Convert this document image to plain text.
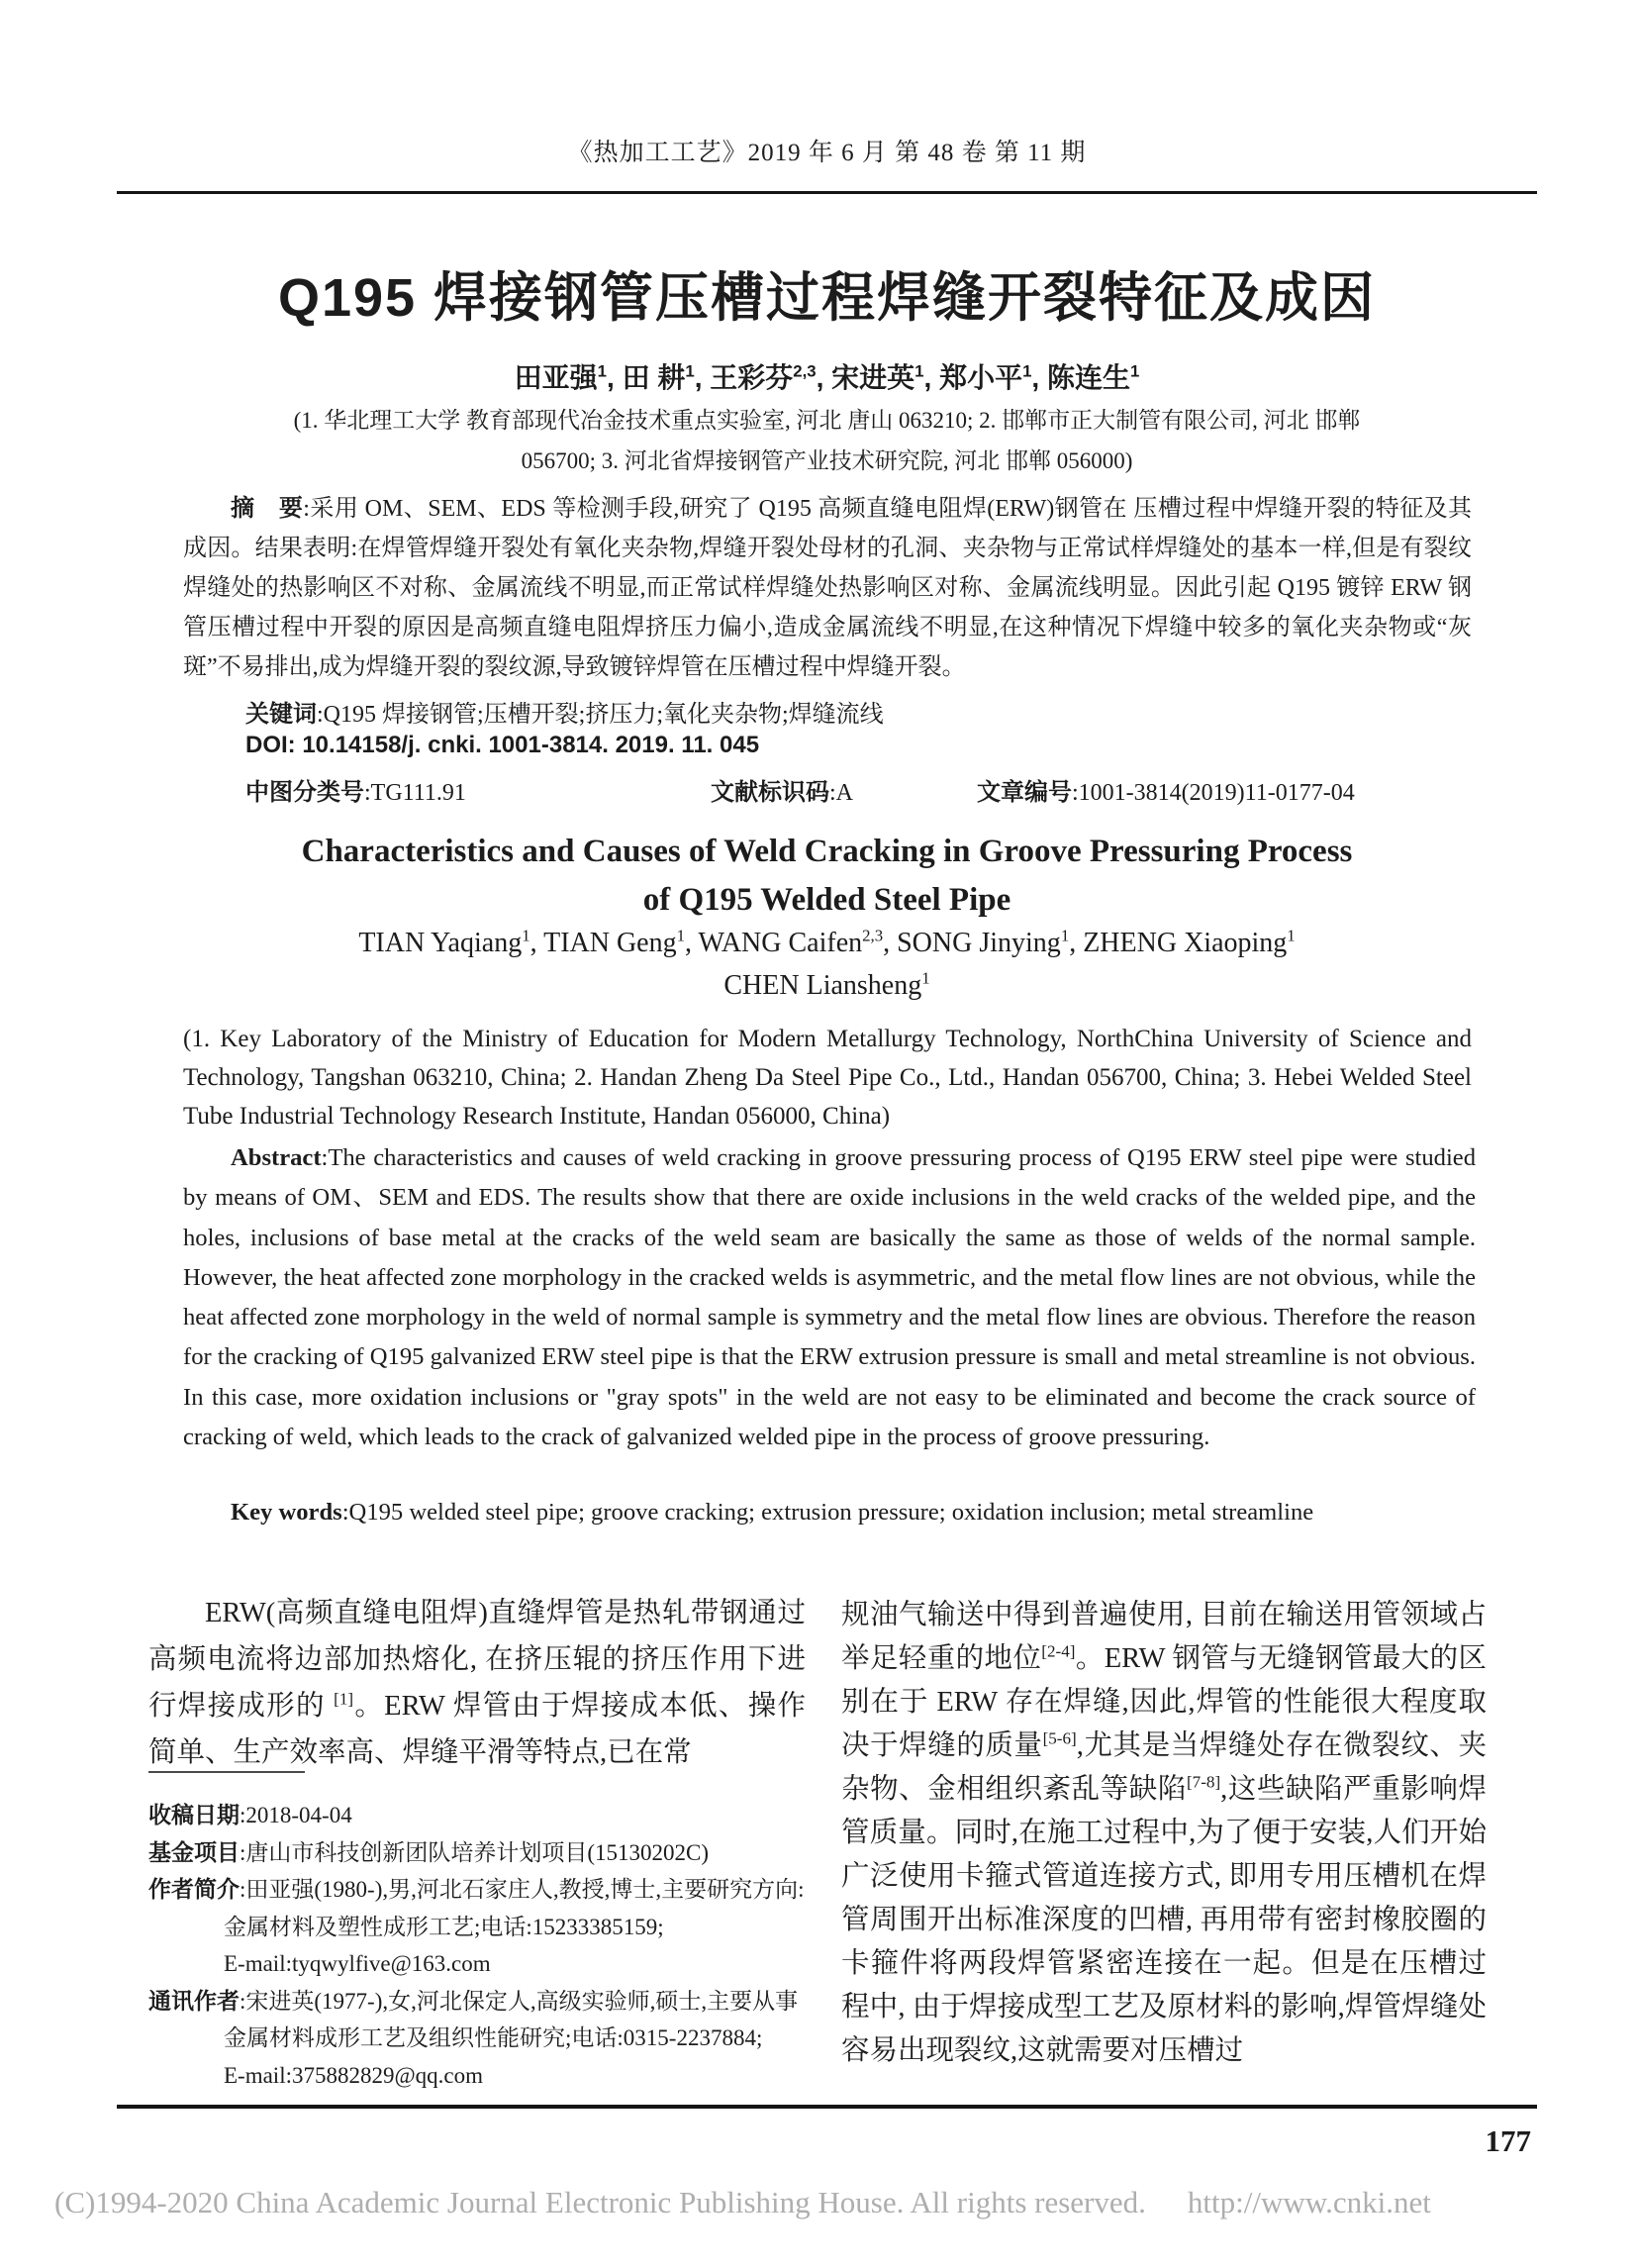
《热加工工艺》2019 年 6 月 第 48 卷 第 11 期
Q195 焊接钢管压槽过程焊缝开裂特征及成因
田亚强$^1$, 田 耕$^1$, 王彩芬$^{2,3}$, 宋进英$^1$, 郑小平$^1$, 陈连生$^1$
(1. 华北理工大学 教育部现代冶金技术重点实验室, 河北 唐山 063210; 2. 邯郸市正大制管有限公司, 河北 邯郸
056700; 3. 河北省焊接钢管产业技术研究院, 河北 邯郸 056000)
摘　要:采用 OM、SEM、EDS 等检测手段,研究了 Q195 高频直缝电阻焊(ERW)钢管在 压槽过程中焊缝开裂的特征及其成因。结果表明:在焊管焊缝开裂处有氧化夹杂物,焊缝开裂处母材的孔洞、夹杂物与正常试样焊缝处的基本一样,但是有裂纹焊缝处的热影响区不对称、金属流线不明显,而正常试样焊缝处热影响区对称、金属流线明显。因此引起 Q195 镀锌 ERW 钢管压槽过程中开裂的原因是高频直缝电阻焊挤压力偏小,造成金属流线不明显,在这种情况下焊缝中较多的氧化夹杂物或“灰斑”不易排出,成为焊缝开裂的裂纹源,导致镀锌焊管在压槽过程中焊缝开裂。
关键词:Q195 焊接钢管;压槽开裂;挤压力;氧化夹杂物;焊缝流线
DOI: 10.14158/j. cnki. 1001-3814. 2019. 11. 045
中图分类号:TG111.91	文献标识码:A	文章编号:1001-3814(2019)11-0177-04
Characteristics and Causes of Weld Cracking in Groove Pressuring Process
of Q195 Welded Steel Pipe
TIAN Yaqiang$^1$, TIAN Geng$^1$, WANG Caifen$^{2,3}$, SONG Jinying$^1$, ZHENG Xiaoping$^1$
CHEN Liansheng$^1$
(1. Key Laboratory of the Ministry of Education for Modern Metallurgy Technology, NorthChina University of Science and Technology, Tangshan 063210, China; 2. Handan Zheng Da Steel Pipe Co., Ltd., Handan 056700, China; 3. Hebei Welded Steel Tube Industrial Technology Research Institute, Handan 056000, China)
Abstract:The characteristics and causes of weld cracking in groove pressuring process of Q195 ERW steel pipe were studied by means of OM、SEM and EDS. The results show that there are oxide inclusions in the weld cracks of the welded pipe, and the holes, inclusions of base metal at the cracks of the weld seam are basically the same as those of welds of the normal sample. However, the heat affected zone morphology in the cracked welds is asymmetric, and the metal flow lines are not obvious, while the heat affected zone morphology in the weld of normal sample is symmetry and the metal flow lines are obvious. Therefore the reason for the cracking of Q195 galvanized ERW steel pipe is that the ERW extrusion pressure is small and metal streamline is not obvious. In this case, more oxidation inclusions or "gray spots" in the weld are not easy to be eliminated and become the crack source of cracking of weld, which leads to the crack of galvanized welded pipe in the process of groove pressuring.
Key words:Q195 welded steel pipe; groove cracking; extrusion pressure; oxidation inclusion; metal streamline
ERW(高频直缝电阻焊)直缝焊管是热轧带钢通过高频电流将边部加热熔化, 在挤压辊的挤压作用下进行焊接成形的 [1]。ERW 焊管由于焊接成本低、操作简单、生产效率高、焊缝平滑等特点,已在常
收稿日期:2018-04-04
基金项目:唐山市科技创新团队培养计划项目(15130202C)
作者简介:田亚强(1980-),男,河北石家庄人,教授,博士,主要研究方向:金属材料及塑性成形工艺;电话:15233385159;
E-mail:tyqwylfive@163.com
通讯作者:宋进英(1977-),女,河北保定人,高级实验师,硕士,主要从事金属材料成形工艺及组织性能研究;电话:0315-2237884;
E-mail:375882829@qq.com
规油气输送中得到普遍使用, 目前在输送用管领域占举足轻重的地位[2-4]。ERW 钢管与无缝钢管最大的区别在于 ERW 存在焊缝,因此,焊管的性能很大程度取决于焊缝的质量[5-6],尤其是当焊缝处存在微裂纹、夹杂物、金相组织紊乱等缺陷[7-8],这些缺陷严重影响焊管质量。同时,在施工过程中,为了便于安装,人们开始广泛使用卡箍式管道连接方式, 即用专用压槽机在焊管周围开出标准深度的凹槽, 再用带有密封橡胶圈的卡箍件将两段焊管紧密连接在一起。但是在压槽过程中, 由于焊接成型工艺及原材料的影响,焊管焊缝处容易出现裂纹,这就需要对压槽过
177
(C)1994-2020 China Academic Journal Electronic Publishing House. All rights reserved. http://www.cnki.net
